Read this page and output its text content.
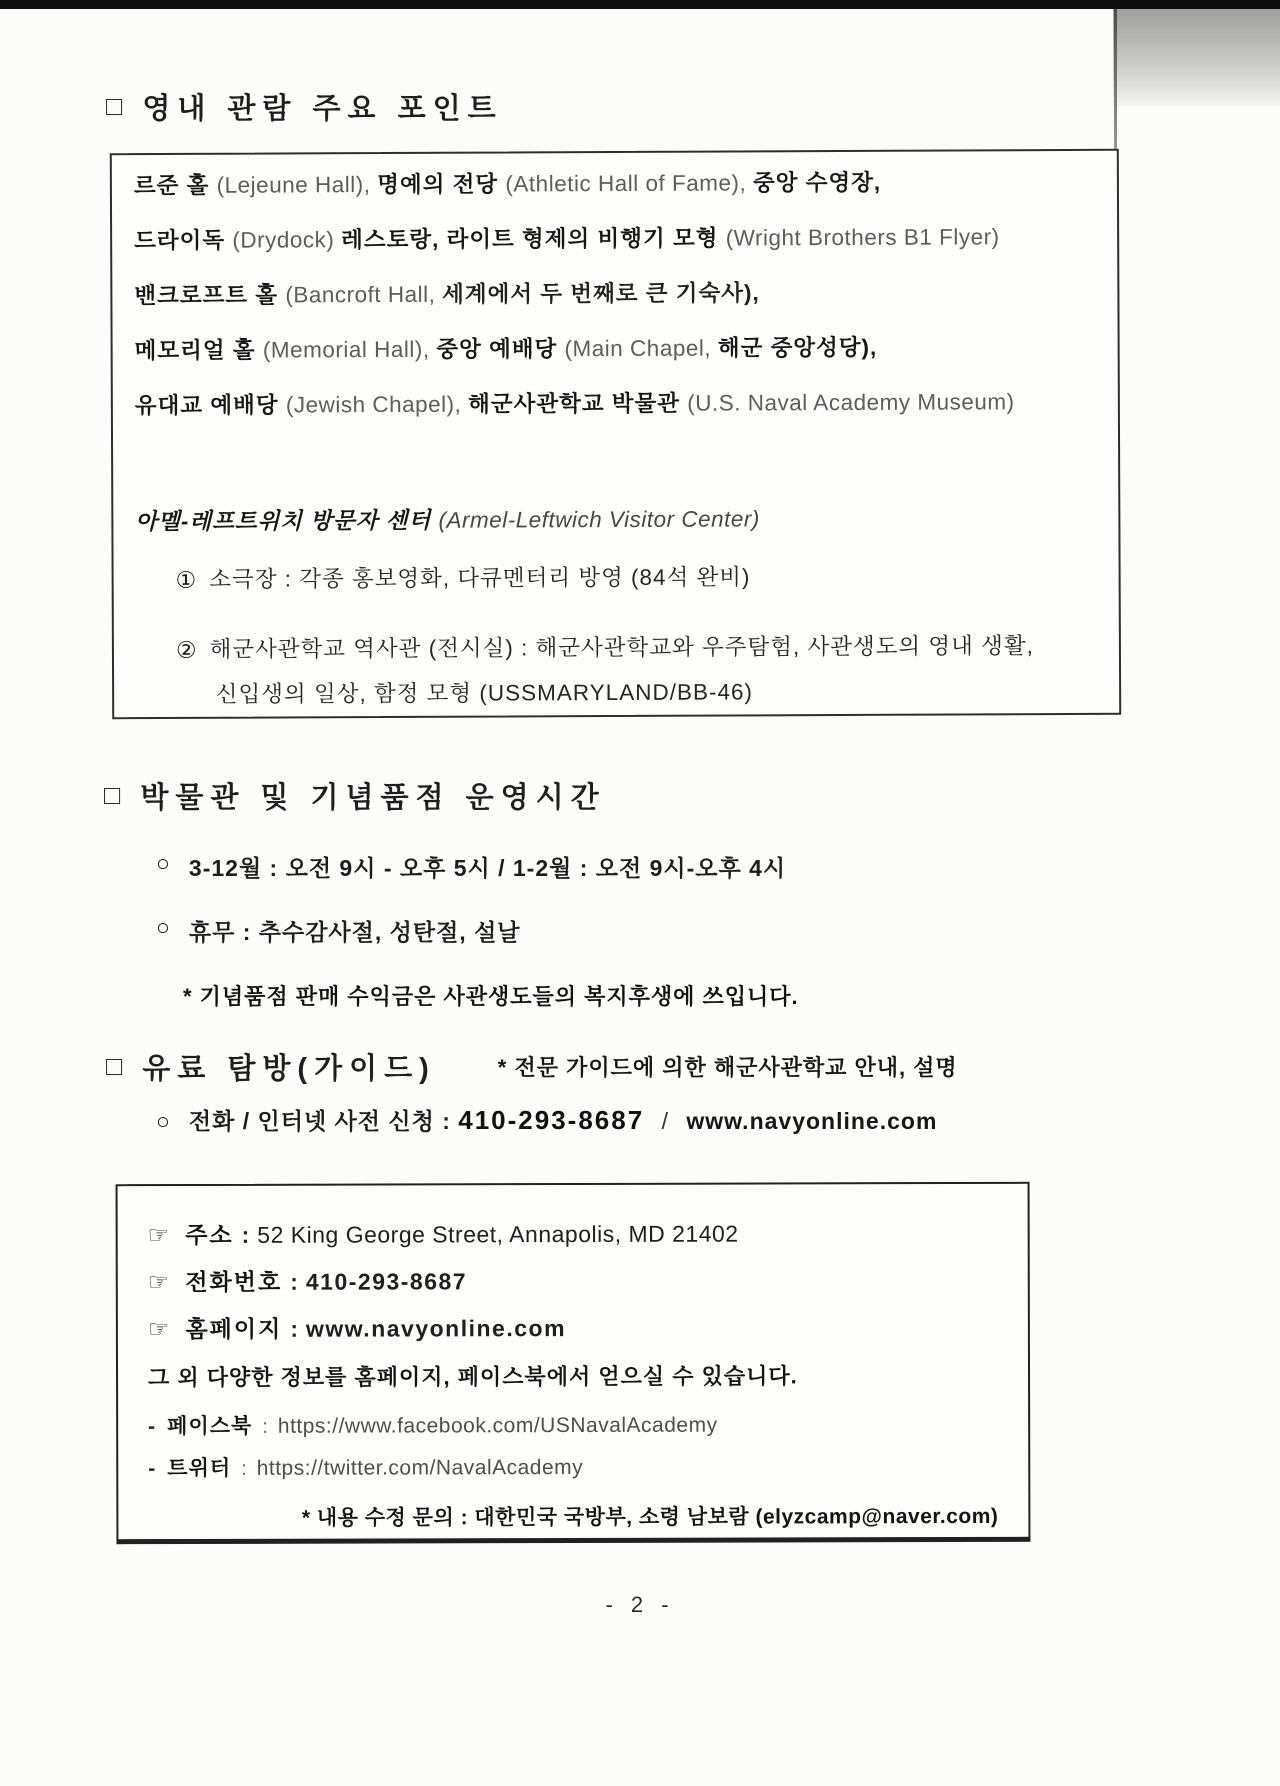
□ 영내 관람 주요 포인트
르준 홀 (Lejeune Hall), 명예의 전당 (Athletic Hall of Fame), 중앙 수영장,
드라이독 (Drydock) 레스토랑, 라이트 형제의 비행기 모형 (Wright Brothers B1 Flyer)
밴크로프트 홀 (Bancroft Hall, 세계에서 두 번째로 큰 기숙사),
메모리얼 홀 (Memorial Hall), 중앙 예배당 (Main Chapel, 해군 중앙성당),
유대교 예배당 (Jewish Chapel), 해군사관학교 박물관 (U.S. Naval Academy Museum)
아멜-레프트위치 방문자 센터 (Armel-Leftwich Visitor Center)
① 소극장 : 각종 홍보영화, 다큐멘터리 방영 (84석 완비)
② 해군사관학교 역사관 (전시실) : 해군사관학교와 우주탐험, 사관생도의 영내 생활,
신입생의 일상, 함정 모형 (USSMARYLAND/BB-46)
□ 박물관 및 기념품점 운영시간
○ 3-12월 : 오전 9시 - 오후 5시 / 1-2월 : 오전 9시-오후 4시
○ 휴무 : 추수감사절, 성탄절, 설날
* 기념품점 판매 수익금은 사관생도들의 복지후생에 쓰입니다.
□ 유료 탐방(가이드)	* 전문 가이드에 의한 해군사관학교 안내, 설명
○ 전화 / 인터넷 사전 신청 : 410-293-8687 / www.navyonline.com
☞ 주소 : 52 King George Street, Annapolis, MD 21402
☞ 전화번호 : 410-293-8687
☞ 홈페이지 : www.navyonline.com
그 외 다양한 정보를 홈페이지, 페이스북에서 얻으실 수 있습니다.
- 페이스북 : https://www.facebook.com/USNavalAcademy
- 트위터 : https://twitter.com/NavalAcademy
* 내용 수정 문의 : 대한민국 국방부, 소령 남보람 (elyzcamp@naver.com)
- 2 -
